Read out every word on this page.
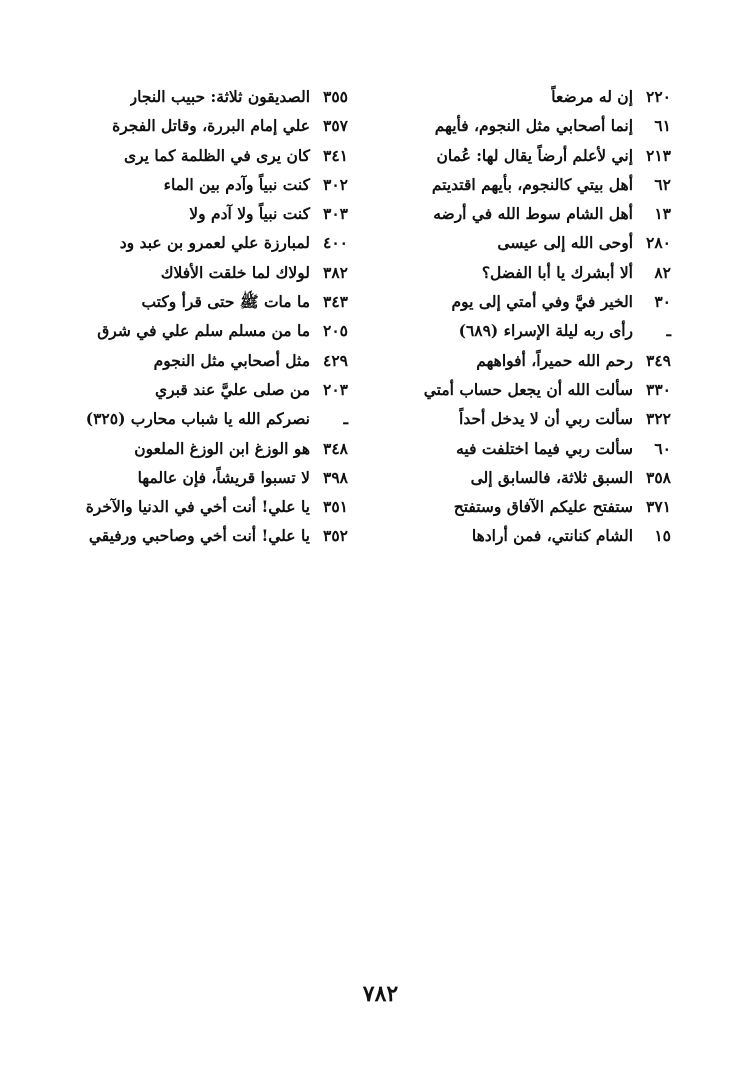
٢٢٠
إن له مرضعاً
٦١
إنما أصحابي مثل النجوم، فأيهم
٢١٣
إني لأعلم أرضاً يقال لها: عُمان
٦٢
أهل بيتي كالنجوم، بأيهم اقتديتم
١٣
أهل الشام سوط الله في أرضه
٢٨٠
أوحى الله إلى عيسى
٨٢
ألا أبشرك يا أبا الفضل؟
٣٠
الخير فيَّ وفي أمتي إلى يوم
ـ
رأى ربه ليلة الإسراء (٦٨٩)
٣٤٩
رحم الله حميراً، أفواههم
٣٣٠
سألت الله أن يجعل حساب أمتي
٣٢٢
سألت ربي أن لا يدخل أحداً
٦٠
سألت ربي فيما اختلفت فيه
٣٥٨
السبق ثلاثة، فالسابق إلى
٣٧١
ستفتح عليكم الآفاق وستفتح
١٥
الشام كنانتي، فمن أرادها
٣٥٥
الصديقون ثلاثة: حبيب النجار
٣٥٧
علي إمام البررة، وقاتل الفجرة
٣٤١
كان يرى في الظلمة كما يرى
٣٠٢
كنت نبياً وآدم بين الماء
٣٠٣
كنت نبياً ولا آدم ولا
٤٠٠
لمبارزة علي لعمرو بن عبد ود
٣٨٢
لولاك لما خلقت الأفلاك
٣٤٣
ما مات ﷺ حتى قرأ وكتب
٢٠٥
ما من مسلم سلم علي في شرق
٤٢٩
مثل أصحابي مثل النجوم
٢٠٣
من صلى عليَّ عند قبري
ـ
نصركم الله يا شباب محارب (٣٢٥)
٣٤٨
هو الوزغ ابن الوزغ الملعون
٣٩٨
لا تسبوا قريشاً، فإن عالمها
٣٥١
يا علي! أنت أخي في الدنيا والآخرة
٣٥٢
يا علي! أنت أخي وصاحبي ورفيقي
٧٨٢
